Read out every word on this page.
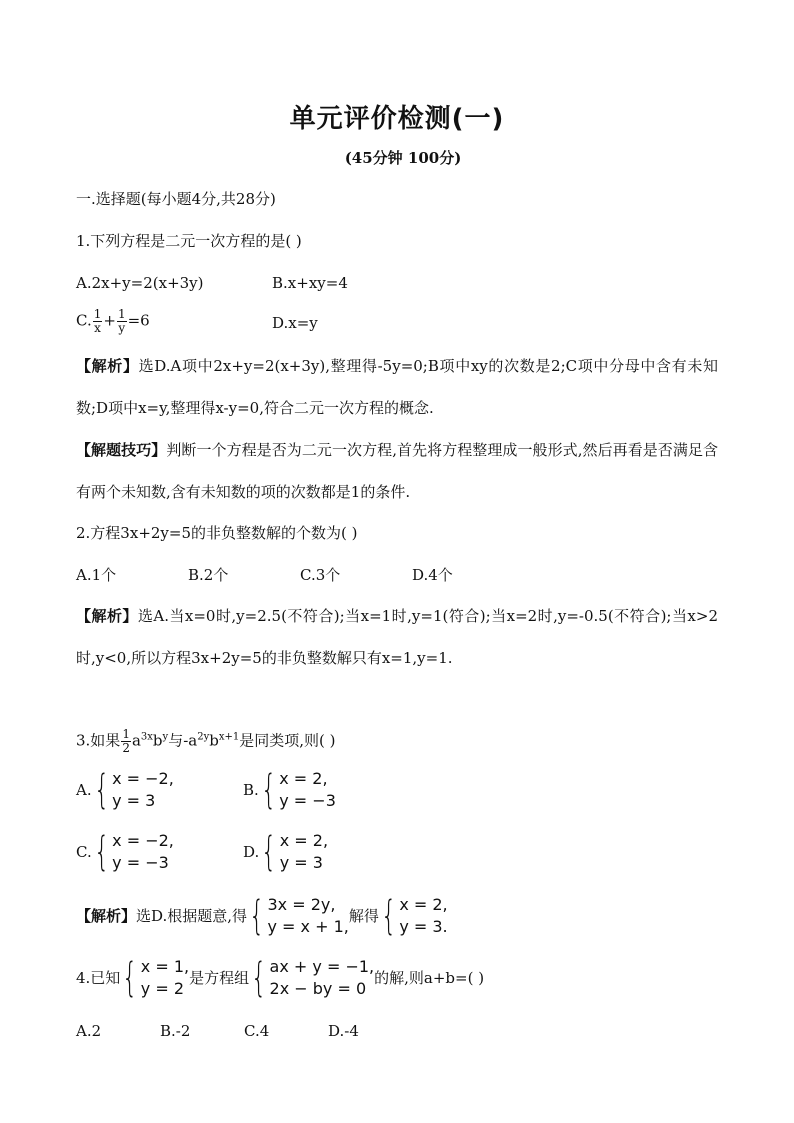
单元评价检测(一)
(45分钟 100分)
一.选择题(每小题4分,共28分)
1.下列方程是二元一次方程的是( )
A.2x+y=2(x+3y)	B.x+xy=4
C. $\frac{1}{x} + \frac{1}{y} =6$	D.x=y
【解析】选D.A项中2x+y=2(x+3y),整理得-5y=0;B项中xy的次数是2;C项中分母中含有未知数;D项中x=y,整理得x-y=0,符合二元一次方程的概念.
【解题技巧】判断一个方程是否为二元一次方程,首先将方程整理成一般形式,然后再看是否满足含有两个未知数,含有未知数的项的次数都是1的条件.
2.方程3x+2y=5的非负整数解的个数为( )
A.1个	B.2个	C.3个	D.4个
【解析】选A.当x=0时,y=2.5(不符合);当x=1时,y=1(符合);当x=2时,y=-0.5(不符合);当x>2时,y<0,所以方程3x+2y=5的非负整数解只有x=1,y=1.
3.如果 $\frac{1}{2} a^{3x}b^y$与$-a^{2y}b^{x+1}$是同类项,则( )
A. { x = −2,
y = 3
B. { x = 2,
y = −3
C. { x = −2,
y = −3
D. { x = 2,
y = 3
【解析】 选D.根据题意,得 { 3x = 2y,
y = x + 1,
解得 { x = 2,
y = 3.
4.已知 { x = 1,
y = 2
是方程组 { ax + y = −1,
2x − by = 0
的解,则a+b=( )
A.2	B.-2	C.4	D.-4
